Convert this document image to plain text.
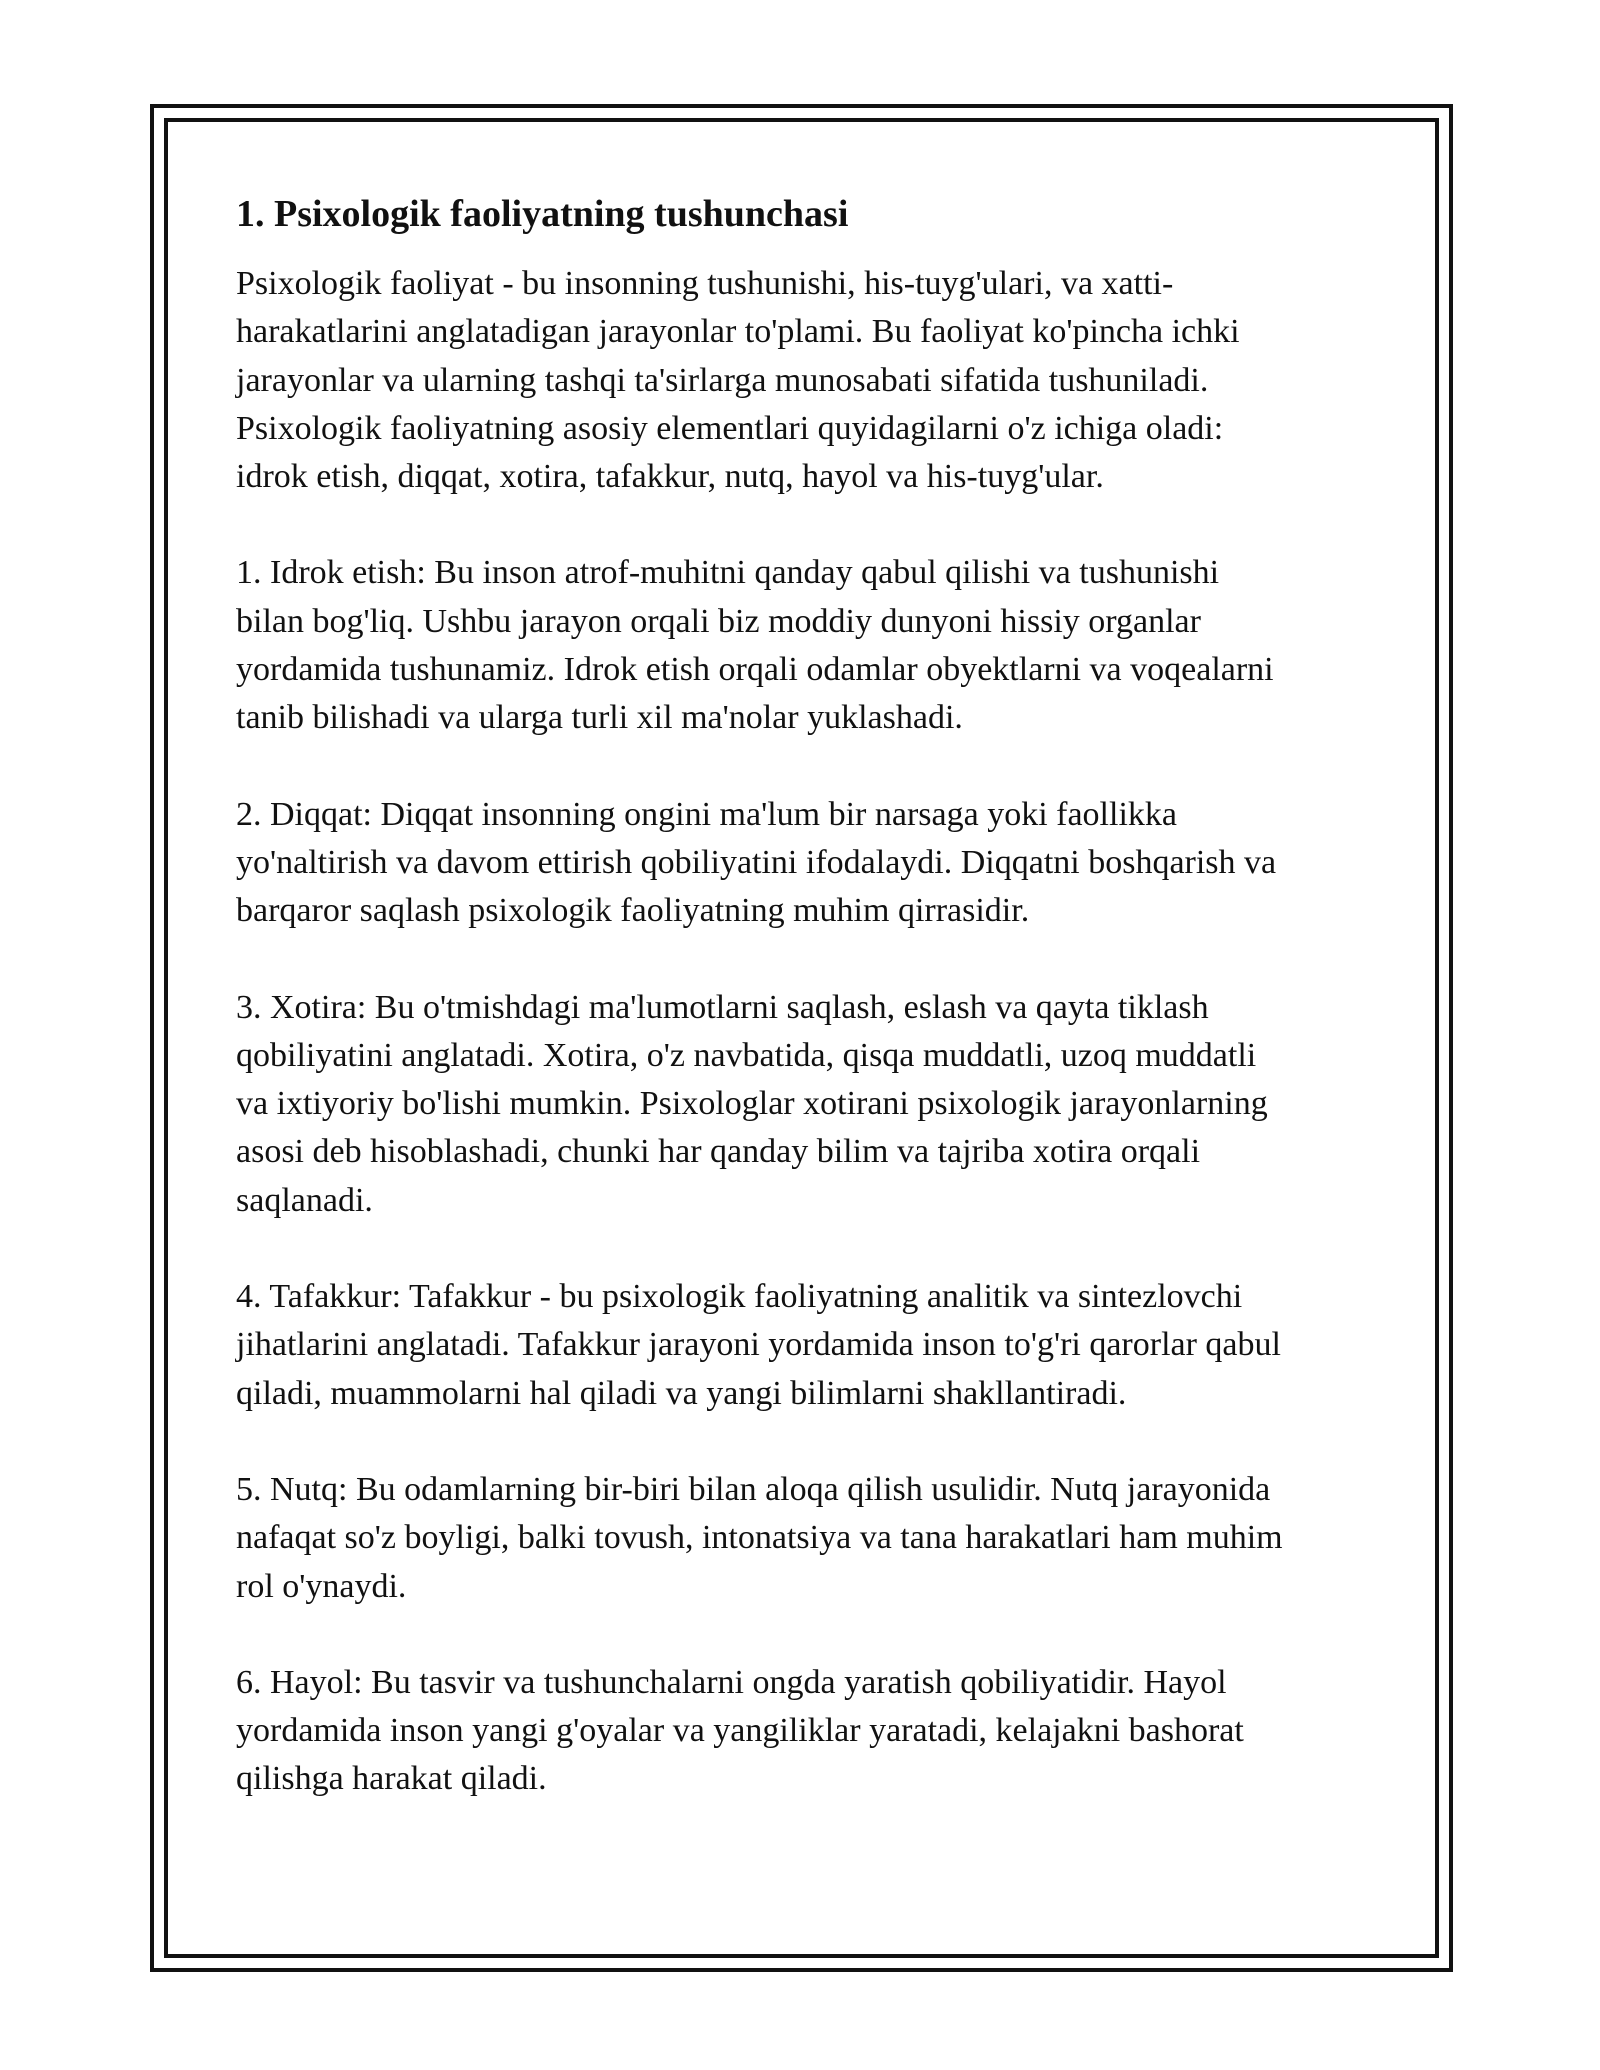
1. Psixologik faoliyatning tushunchasi

Psixologik faoliyat - bu insonning tushunishi, his-tuyg'ulari, va xatti-
harakatlarini anglatadigan jarayonlar to'plami. Bu faoliyat ko'pincha ichki
jarayonlar va ularning tashqi ta'sirlarga munosabati sifatida tushuniladi.
Psixologik faoliyatning asosiy elementlari quyidagilarni o'z ichiga oladi:
idrok etish, diqqat, xotira, tafakkur, nutq, hayol va his-tuyg'ular.

1. Idrok etish: Bu inson atrof-muhitni qanday qabul qilishi va tushunishi
bilan bog'liq. Ushbu jarayon orqali biz moddiy dunyoni hissiy organlar
yordamida tushunamiz. Idrok etish orqali odamlar obyektlarni va voqealarni
tanib bilishadi va ularga turli xil ma'nolar yuklashadi.

2. Diqqat: Diqqat insonning ongini ma'lum bir narsaga yoki faollikka
yo'naltirish va davom ettirish qobiliyatini ifodalaydi. Diqqatni boshqarish va
barqaror saqlash psixologik faoliyatning muhim qirrasidir.

3. Xotira: Bu o'tmishdagi ma'lumotlarni saqlash, eslash va qayta tiklash
qobiliyatini anglatadi. Xotira, o'z navbatida, qisqa muddatli, uzoq muddatli
va ixtiyoriy bo'lishi mumkin. Psixologlar xotirani psixologik jarayonlarning
asosi deb hisoblashadi, chunki har qanday bilim va tajriba xotira orqali
saqlanadi.

4. Tafakkur: Tafakkur - bu psixologik faoliyatning analitik va sintezlovchi
jihatlarini anglatadi. Tafakkur jarayoni yordamida inson to'g'ri qarorlar qabul
qiladi, muammolarni hal qiladi va yangi bilimlarni shakllantiradi.

5. Nutq: Bu odamlarning bir-biri bilan aloqa qilish usulidir. Nutq jarayonida
nafaqat so'z boyligi, balki tovush, intonatsiya va tana harakatlari ham muhim
rol o'ynaydi.

6. Hayol: Bu tasvir va tushunchalarni ongda yaratish qobiliyatidir. Hayol
yordamida inson yangi g'oyalar va yangiliklar yaratadi, kelajakni bashorat
qilishga harakat qiladi.
